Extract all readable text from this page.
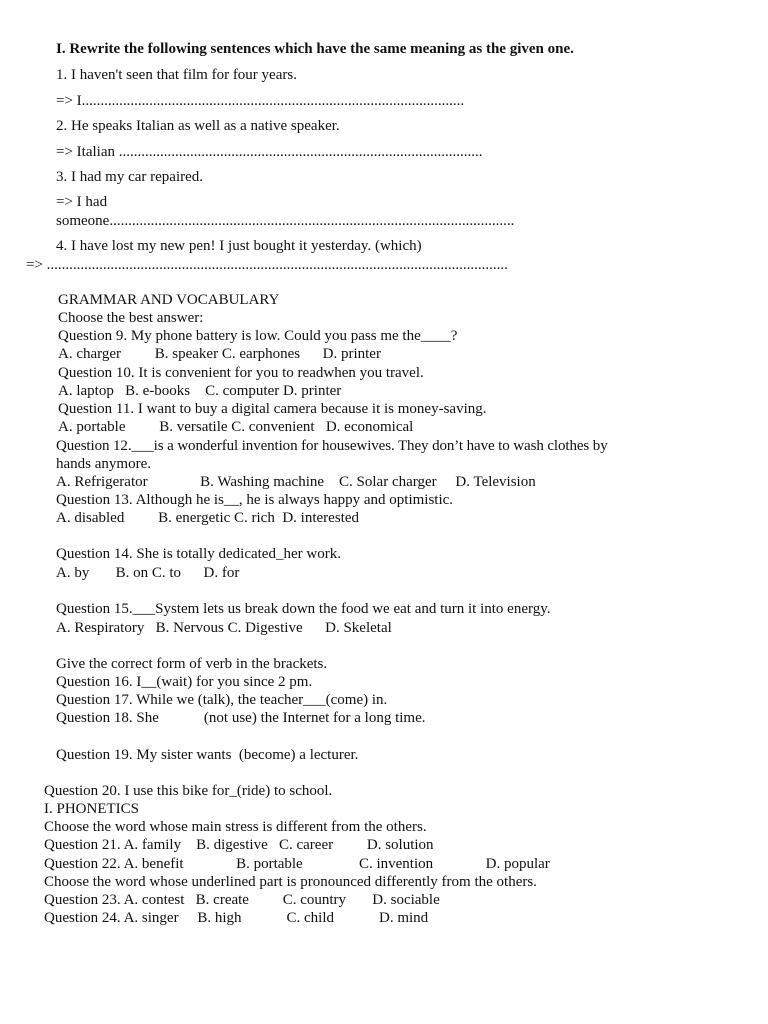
I. Rewrite the following sentences which have the same meaning as the given one.
1. I haven't seen that film for four years.
=> I......................................................................................................
2. He speaks Italian as well as a native speaker.
=> Italian .................................................................................................
3. I had my car repaired.
=> I had
someone............................................................................................................
4. I have lost my new pen! I just bought it yesterday. (which)
=> ...........................................................................................................................
GRAMMAR AND VOCABULARY
Choose the best answer:
Question 9. My phone battery is low. Could you pass me the____?
A. charger         B. speaker C. earphones      D. printer
Question 10. It is convenient for you to readwhen you travel.
A. laptop   B. e-books    C. computer D. printer
Question 11. I want to buy a digital camera because it is money-saving.
A. portable         B. versatile C. convenient   D. economical
Question 12.___is a wonderful invention for housewives. They don’t have to wash clothes by
hands anymore.
A. Refrigerator              B. Washing machine    C. Solar charger     D. Television
Question 13. Although he is__, he is always happy and optimistic.
A. disabled         B. energetic C. rich  D. interested
Question 14. She is totally dedicated_her work.
A. by       B. on C. to      D. for
Question 15.___System lets us break down the food we eat and turn it into energy.
A. Respiratory   B. Nervous C. Digestive      D. Skeletal
Give the correct form of verb in the brackets.
Question 16. I__(wait) for you since 2 pm.
Question 17. While we (talk), the teacher___(come) in.
Question 18. She            (not use) the Internet for a long time.
Question 19. My sister wants  (become) a lecturer.
Question 20. I use this bike for_(ride) to school.
I. PHONETICS
Choose the word whose main stress is different from the others.
Question 21. A. family    B. digestive   C. career         D. solution
Question 22. A. benefit              B. portable               C. invention              D. popular
Choose the word whose underlined part is pronounced differently from the others.
Question 23. A. contest   B. create         C. country       D. sociable
Question 24. A. singer     B. high            C. child            D. mind
